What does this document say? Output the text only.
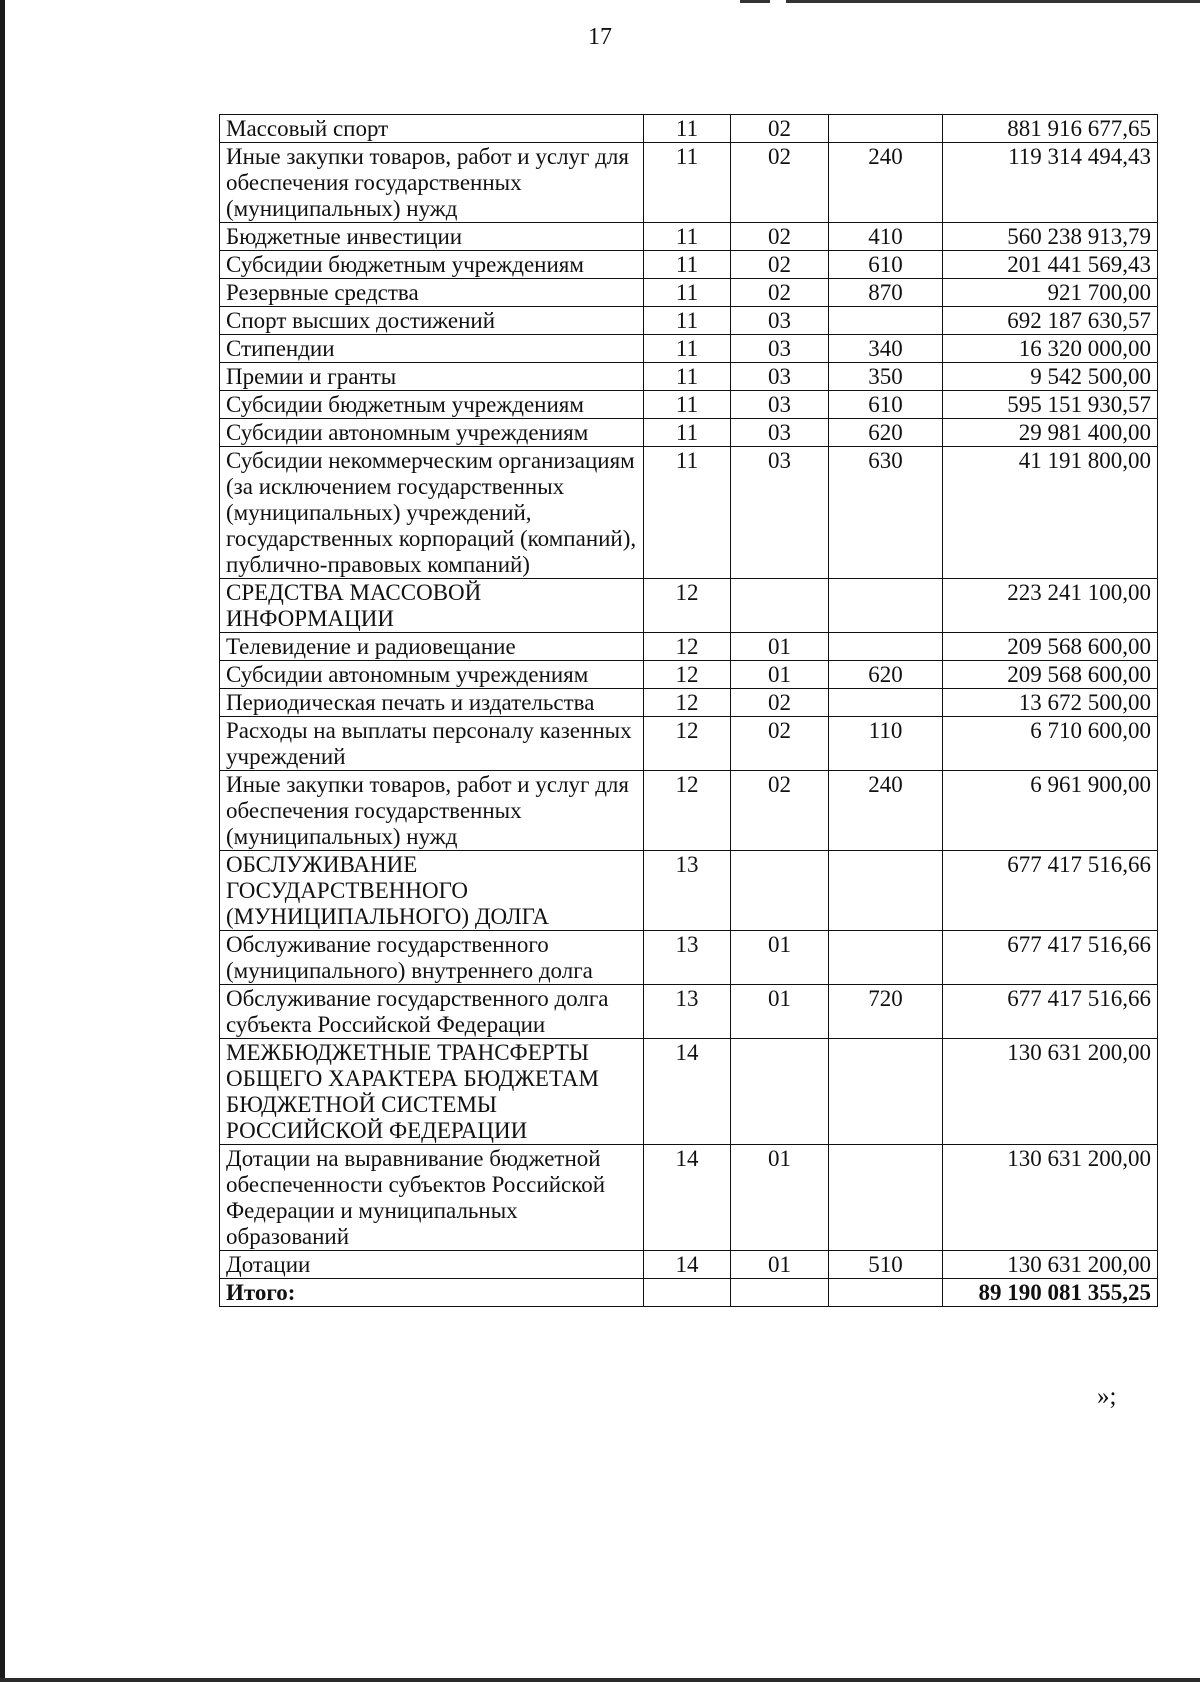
17
Массовый спорт	11	02		881 916 677,65
Иные закупки товаров, работ и услуг для обеспечения государственных (муниципальных) нужд	11	02	240	119 314 494,43
Бюджетные инвестиции	11	02	410	560 238 913,79
Субсидии бюджетным учреждениям	11	02	610	201 441 569,43
Резервные средства	11	02	870	921 700,00
Спорт высших достижений	11	03		692 187 630,57
Стипендии	11	03	340	16 320 000,00
Премии и гранты	11	03	350	9 542 500,00
Субсидии бюджетным учреждениям	11	03	610	595 151 930,57
Субсидии автономным учреждениям	11	03	620	29 981 400,00
Субсидии некоммерческим организациям (за исключением государственных (муниципальных) учреждений, государственных корпораций (компаний), публично-правовых компаний)	11	03	630	41 191 800,00
СРЕДСТВА МАССОВОЙ ИНФОРМАЦИИ	12			223 241 100,00
Телевидение и радиовещание	12	01		209 568 600,00
Субсидии автономным учреждениям	12	01	620	209 568 600,00
Периодическая печать и издательства	12	02		13 672 500,00
Расходы на выплаты персоналу казенных учреждений	12	02	110	6 710 600,00
Иные закупки товаров, работ и услуг для обеспечения государственных (муниципальных) нужд	12	02	240	6 961 900,00
ОБСЛУЖИВАНИЕ ГОСУДАРСТВЕННОГО (МУНИЦИПАЛЬНОГО) ДОЛГА	13			677 417 516,66
Обслуживание государственного (муниципального) внутреннего долга	13	01		677 417 516,66
Обслуживание государственного долга субъекта Российской Федерации	13	01	720	677 417 516,66
МЕЖБЮДЖЕТНЫЕ ТРАНСФЕРТЫ ОБЩЕГО ХАРАКТЕРА БЮДЖЕТАМ БЮДЖЕТНОЙ СИСТЕМЫ РОССИЙСКОЙ ФЕДЕРАЦИИ	14			130 631 200,00
Дотации на выравнивание бюджетной обеспеченности субъектов Российской Федерации и муниципальных образований	14	01		130 631 200,00
Дотации	14	01	510	130 631 200,00
Итого:				89 190 081 355,25
»;
